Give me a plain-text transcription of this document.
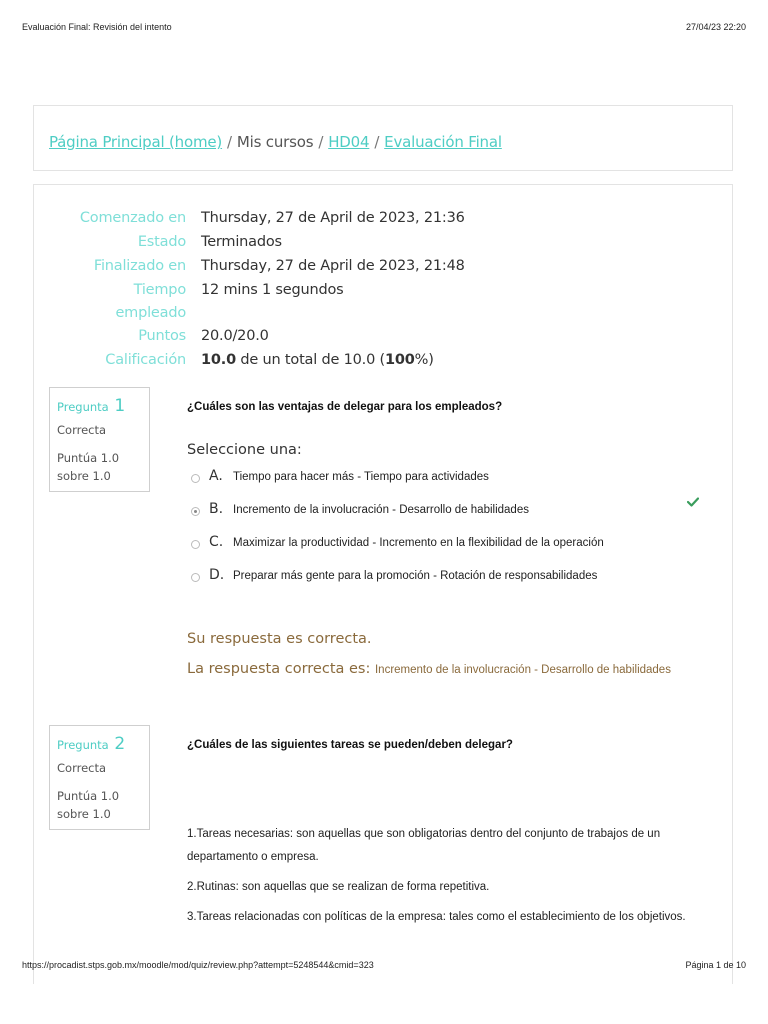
Evaluación Final: Revisión del intento	27/04/23 22:20
Página Principal (home) / Mis cursos / HD04 / Evaluación Final
Comenzado en Thursday, 27 de April de 2023, 21:36
Estado Terminados
Finalizado en Thursday, 27 de April de 2023, 21:48
Tiempo 12 mins 1 segundos
empleado
Puntos 20.0/20.0
Calificación 10.0 de un total de 10.0 (100%)
Pregunta 1
Correcta
Puntúa 1.0
sobre 1.0
¿Cuáles son las ventajas de delegar para los empleados?
Seleccione una:
A. Tiempo para hacer más - Tiempo para actividades
B. Incremento de la involucración - Desarrollo de habilidades
C. Maximizar la productividad - Incremento en la flexibilidad de la operación
D. Preparar más gente para la promoción - Rotación de responsabilidades
Su respuesta es correcta.
La respuesta correcta es: Incremento de la involucración - Desarrollo de habilidades
Pregunta 2
Correcta
Puntúa 1.0
sobre 1.0
¿Cuáles de las siguientes tareas se pueden/deben delegar?
1.Tareas necesarias: son aquellas que son obligatorias dentro del conjunto de trabajos de un
departamento o empresa.
2.Rutinas: son aquellas que se realizan de forma repetitiva.
3.Tareas relacionadas con políticas de la empresa: tales como el establecimiento de los objetivos.
https://procadist.stps.gob.mx/moodle/mod/quiz/review.php?attempt=5248544&cmid=323	Página 1 de 10
